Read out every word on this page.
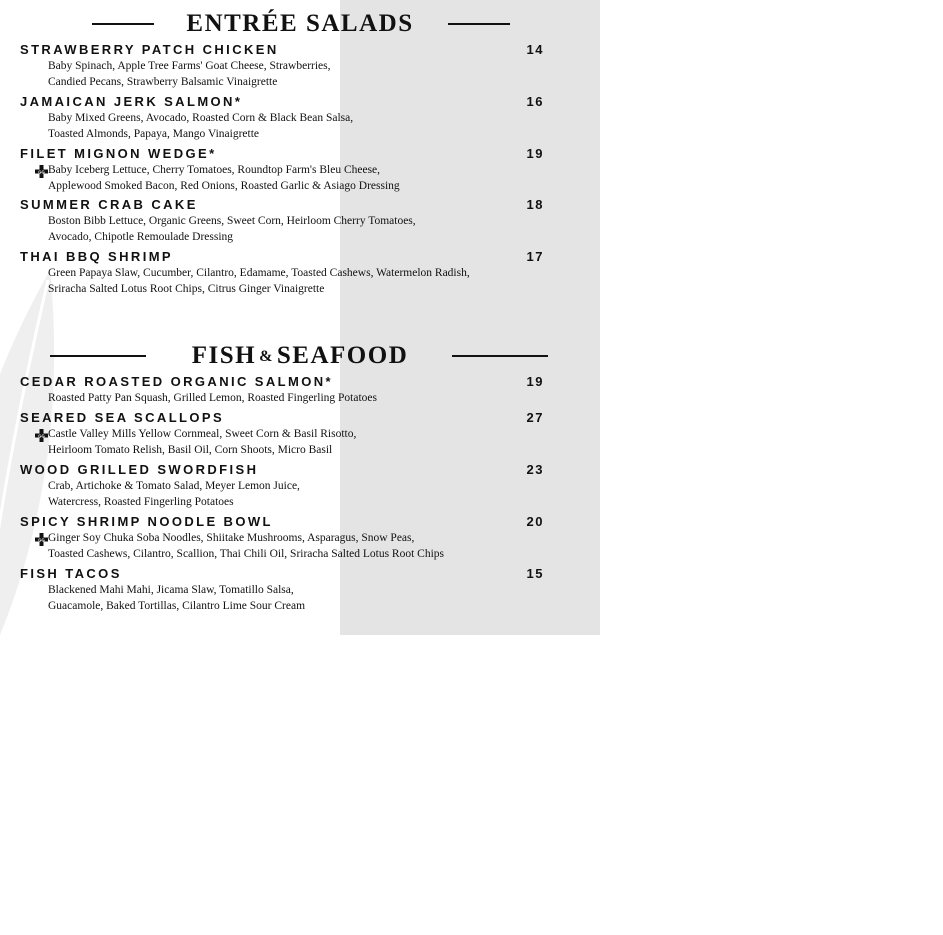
MEYER
ENTRÉE SALADS
STRAWBERRY PATCH CHICKEN	14
Baby Spinach, Apple Tree Farms' Goat Cheese, Strawberries,
Candied Pecans, Strawberry Balsamic Vinaigrette
JAMAICAN JERK SALMON*	16
Baby Mixed Greens, Avocado, Roasted Corn & Black Bean Salsa,
Toasted Almonds, Papaya, Mango Vinaigrette
FILET MIGNON WEDGE*	19
GG Baby Iceberg Lettuce, Cherry Tomatoes, Roundtop Farm's Bleu Cheese,
Applewood Smoked Bacon, Red Onions, Roasted Garlic & Asiago Dressing
SUMMER CRAB CAKE	18
Boston Bibb Lettuce, Organic Greens, Sweet Corn, Heirloom Cherry Tomatoes,
Avocado, Chipotle Remoulade Dressing
THAI BBQ SHRIMP	17
Green Papaya Slaw, Cucumber, Cilantro, Edamame, Toasted Cashews, Watermelon Radish,
Sriracha Salted Lotus Root Chips, Citrus Ginger Vinaigrette
FISH & SEAFOOD
CEDAR ROASTED ORGANIC SALMON*	19
Roasted Patty Pan Squash, Grilled Lemon, Roasted Fingerling Potatoes
SEARED SEA SCALLOPS	27
GG Castle Valley Mills Yellow Cornmeal, Sweet Corn & Basil Risotto,
Heirloom Tomato Relish, Basil Oil, Corn Shoots, Micro Basil
WOOD GRILLED SWORDFISH	23
Crab, Artichoke & Tomato Salad, Meyer Lemon Juice,
Watercress, Roasted Fingerling Potatoes
SPICY SHRIMP NOODLE BOWL	20
GG Ginger Soy Chuka Soba Noodles, Shiitake Mushrooms, Asparagus, Snow Peas,
Toasted Cashews, Cilantro, Scallion, Thai Chili Oil, Sriracha Salted Lotus Root Chips
FISH TACOS	15
Blackened Mahi Mahi, Jicama Slaw, Tomatillo Salsa,
Guacamole, Baked Tortillas, Cilantro Lime Sour Cream
